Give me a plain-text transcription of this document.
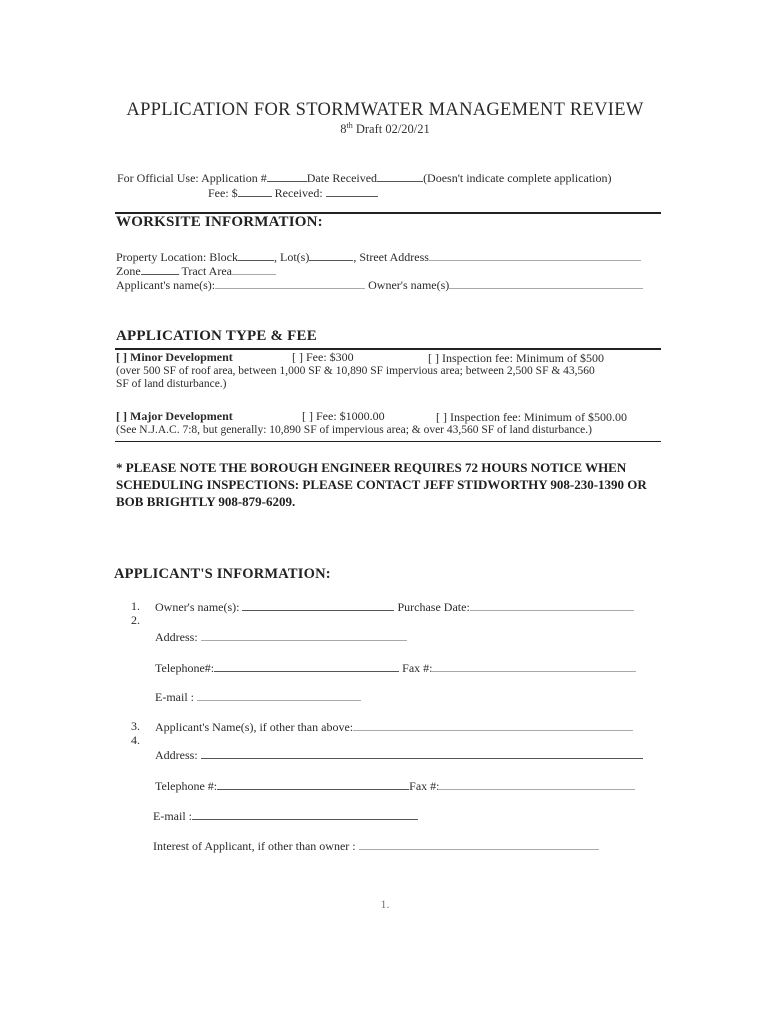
APPLICATION FOR STORMWATER MANAGEMENT REVIEW
8th Draft 02/20/21
For Official Use: Application #	Date Received	(Doesn't indicate complete application)
Fee: $	Received:
WORKSITE INFORMATION:
Property Location: Block	, Lot(s)	, Street Address
Zone	Tract Area
Applicant's name(s):	Owner's name(s)
APPLICATION TYPE & FEE
[ ] Minor Development	[ ] Fee: $300	[ ] Inspection fee: Minimum of $500
(over 500 SF of roof area, between 1,000 SF & 10,890 SF impervious area; between 2,500 SF & 43,560
SF of land disturbance.)
[ ] Major Development	[ ] Fee: $1000.00	[ ] Inspection fee: Minimum of $500.00
(See N.J.A.C. 7:8, but generally: 10,890 SF of impervious area; & over 43,560 SF of land disturbance.)
* PLEASE NOTE THE BOROUGH ENGINEER REQUIRES 72 HOURS NOTICE WHEN SCHEDULING INSPECTIONS: PLEASE CONTACT JEFF STIDWORTHY 908-230-1390 OR BOB BRIGHTLY 908-879-6209.
APPLICANT'S INFORMATION:
1. Owner's name(s):	Purchase Date:
2.
Address:
Telephone#:	Fax #:
E-mail :
3. Applicant's Name(s), if other than above:
4.
Address:
Telephone #:	Fax #:
E-mail :
Interest of Applicant, if other than owner :
1.
